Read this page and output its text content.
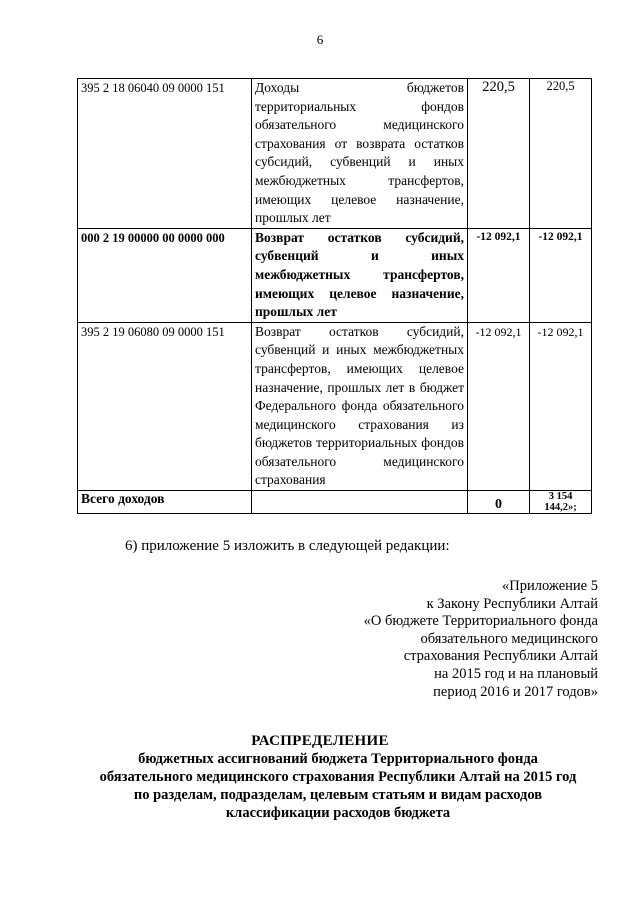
6
395 2 18 06040 09 0000 151	Доходы бюджетов территориальных фондов обязательного медицинского страхования от возврата остатков субсидий, субвенций и иных межбюджетных трансфертов, имеющих целевое назначение, прошлых лет	220,5	220,5
000 2 19 00000 00 0000 000	Возврат остатков субсидий, субвенций и иных межбюджетных трансфертов, имеющих целевое назначение, прошлых лет	-12 092,1	-12 092,1
395 2 19 06080 09 0000 151	Возврат остатков субсидий, субвенций и иных межбюджетных трансфертов, имеющих целевое назначение, прошлых лет в бюджет Федерального фонда обязательного медицинского страхования из бюджетов территориальных фондов обязательного медицинского страхования	-12 092,1	-12 092,1
Всего доходов		0	3 154 144,2»;
6) приложение 5 изложить в следующей редакции:
«Приложение 5
к Закону Республики Алтай
«О бюджете Территориального фонда
обязательного медицинского
страхования Республики Алтай
на 2015 год и на плановый
период 2016 и 2017 годов»
РАСПРЕДЕЛЕНИЕ
бюджетных ассигнований бюджета Территориального фонда
обязательного медицинского страхования Республики Алтай на 2015 год
по разделам, подразделам, целевым статьям и видам расходов
классификации расходов бюджета
